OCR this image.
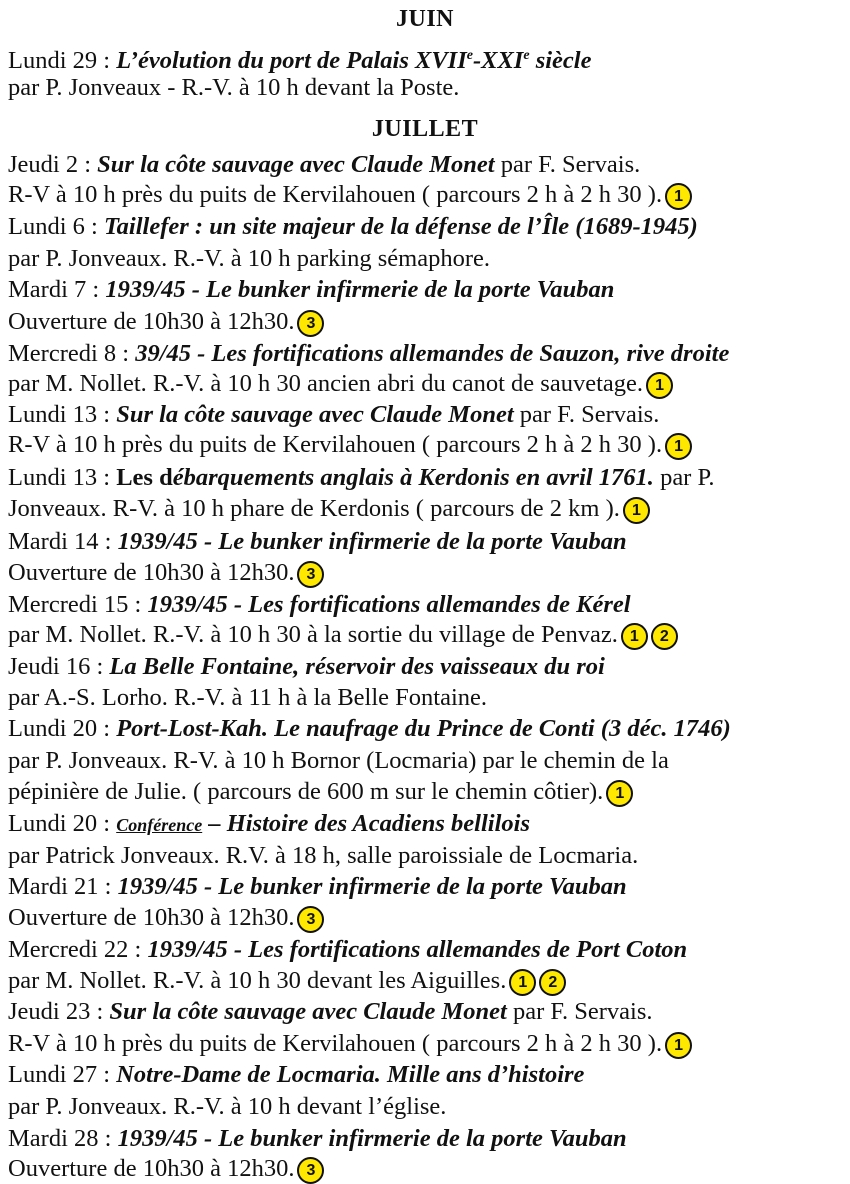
JUIN
Lundi 29 : L’évolution du port de Palais XVIIe-XXIe siècle
par P. Jonveaux - R.-V. à 10 h devant la Poste.
JUILLET
Jeudi 2 : Sur la côte sauvage avec Claude Monet par F. Servais.
R-V à 10 h près du puits de Kervilahouen ( parcours 2 h à 2 h 30 ). 1
Lundi 6 : Taillefer : un site majeur de la défense de l’Île (1689-1945)
par P. Jonveaux. R.-V. à 10 h parking sémaphore.
Mardi 7 : 1939/45 - Le bunker infirmerie de la porte Vauban
Ouverture de 10h30 à 12h30. 3
Mercredi 8 : 39/45 - Les fortifications allemandes de Sauzon, rive droite
par M. Nollet. R.-V. à 10 h 30 ancien abri du canot de sauvetage. 1
Lundi 13 : Sur la côte sauvage avec Claude Monet par F. Servais.
R-V à 10 h près du puits de Kervilahouen ( parcours 2 h à 2 h 30 ). 1
Lundi 13 : Les débarquements anglais à Kerdonis en avril 1761. par P.
Jonveaux. R-V. à 10 h phare de Kerdonis ( parcours de 2 km ). 1
Mardi 14 : 1939/45 - Le bunker infirmerie de la porte Vauban
Ouverture de 10h30 à 12h30. 3
Mercredi 15 : 1939/45 - Les fortifications allemandes de Kérel
par M. Nollet. R.-V. à 10 h 30 à la sortie du village de Penvaz. 1 2
Jeudi 16 : La Belle Fontaine, réservoir des vaisseaux du roi
par A.-S. Lorho. R.-V. à 11 h à la Belle Fontaine.
Lundi 20 : Port-Lost-Kah. Le naufrage du Prince de Conti (3 déc. 1746)
par P. Jonveaux. R-V. à 10 h Bornor (Locmaria) par le chemin de la
pépinière de Julie. ( parcours de 600 m sur le chemin côtier). 1
Lundi 20 : Conférence – Histoire des Acadiens bellilois
par Patrick Jonveaux. R.V. à 18 h, salle paroissiale de Locmaria.
Mardi 21 : 1939/45 - Le bunker infirmerie de la porte Vauban
Ouverture de 10h30 à 12h30. 3
Mercredi 22 : 1939/45 - Les fortifications allemandes de Port Coton
par M. Nollet. R.-V. à 10 h 30 devant les Aiguilles. 1 2
Jeudi 23 : Sur la côte sauvage avec Claude Monet par F. Servais.
R-V à 10 h près du puits de Kervilahouen ( parcours 2 h à 2 h 30 ). 1
Lundi 27 : Notre-Dame de Locmaria. Mille ans d’histoire
par P. Jonveaux. R.-V. à 10 h devant l’église.
Mardi 28 : 1939/45 - Le bunker infirmerie de la porte Vauban
Ouverture de 10h30 à 12h30. 3
